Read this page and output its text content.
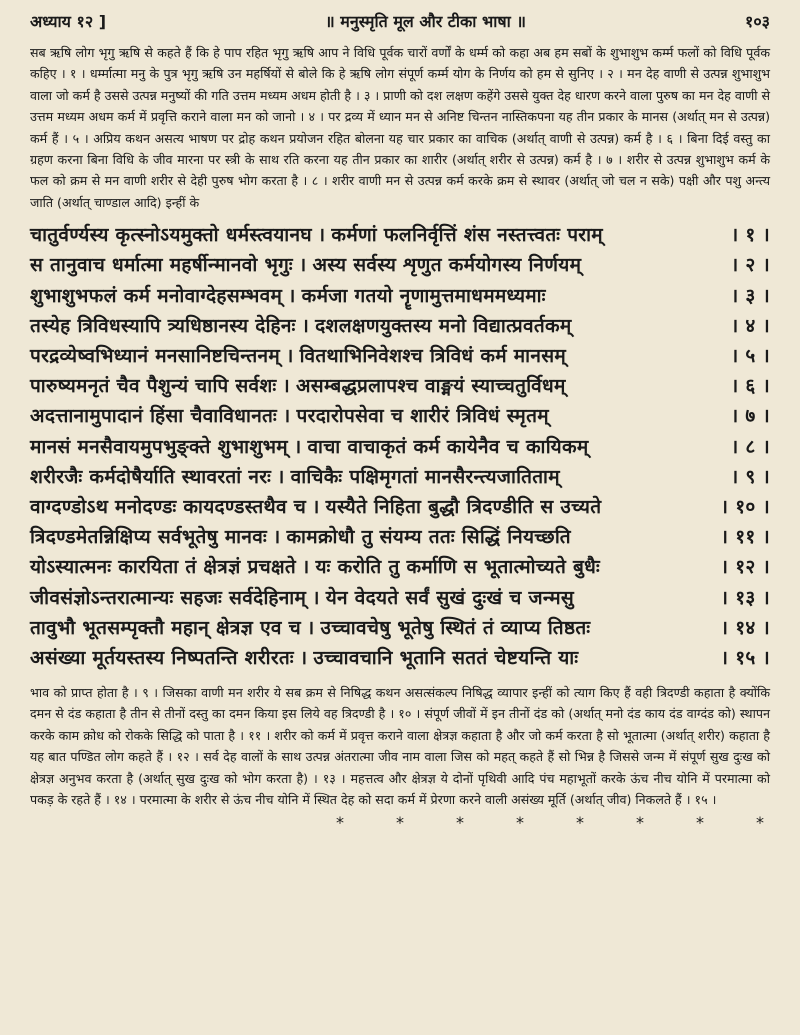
अध्याय १२ ]	॥ मनुस्मृति मूल और टीका भाषा ॥	१०३

सब ऋषि लोग भृगु ऋषि से कहते हैं कि हे पाप रहित भृगु ऋषि आप ने विधि पूर्वक चारों वर्णों के धर्म्म को कहा अब हम सबों के शुभाशुभ कर्म्म फलों को विधि पूर्वक कहिए । १ । धर्म्मात्मा मनु के पुत्र भृगु ऋषि उन महर्षियों से बोले कि हे ऋषि लोग संपूर्ण कर्म्म योग के निर्णय को हम से सुनिए । २ । मन देह वाणी से उत्पन्न शुभाशुभ वाला जो कर्म है उससे उत्पन्न मनुष्यों की गति उत्तम मध्यम अधम होती है । ३ । प्राणी को दश लक्षण कहेंगे उससे युक्त देह धारण करने वाला पुरुष का मन देह वाणी से उत्तम मध्यम अधम कर्म में प्रवृत्ति कराने वाला मन को जानो । ४ । पर द्रव्य में ध्यान मन से अनिष्ट चिन्तन नास्तिकपना यह तीन प्रकार के मानस (अर्थात् मन से उत्पन्न) कर्म हैं । ५ । अप्रिय कथन असत्य भाषण पर द्रोह कथन प्रयोजन रहित बोलना यह चार प्रकार का वाचिक (अर्थात् वाणी से उत्पन्न) कर्म है । ६ । बिना दिई वस्तु का ग्रहण करना बिना विधि के जीव मारना पर स्त्री के साथ रति करना यह तीन प्रकार का शारीर (अर्थात् शरीर से उत्पन्न) कर्म है । ७ । शरीर से उत्पन्न शुभाशुभ कर्म के फल को क्रम से मन वाणी शरीर से देही पुरुष भोग करता है । ८ । शरीर वाणी मन से उत्पन्न कर्म करके क्रम से स्थावर (अर्थात् जो चल न सके) पक्षी और पशु अन्त्य जाति (अर्थात् चाण्डाल आदि) इन्हीं के

चातुर्वर्ण्यस्य कृत्स्नोऽयमुक्तो धर्मस्त्वयानघ । कर्मणां फलनिर्वृत्तिं शंस नस्तत्त्वतः पराम्	। १ ।
स तानुवाच धर्मात्मा महर्षीन्मानवो भृगुः । अस्य सर्वस्य शृणुत कर्मयोगस्य निर्णयम्	। २ ।
शुभाशुभफलं कर्म मनोवाग्देहसम्भवम् । कर्मजा गतयो नॄणामुत्तमाधममध्यमाः	। ३ ।
तस्येह त्रिविधस्यापि त्र्यधिष्ठानस्य देहिनः । दशलक्षणयुक्तस्य मनो विद्यात्प्रवर्तकम्	। ४ ।
परद्रव्येष्वभिध्यानं मनसानिष्टचिन्तनम् । वितथाभिनिवेशश्च त्रिविधं कर्म मानसम्	। ५ ।
पारुष्यमनृतं चैव पैशुन्यं चापि सर्वशः । असम्बद्धप्रलापश्च वाङ्मयं स्याच्चतुर्विधम्	। ६ ।
अदत्तानामुपादानं हिंसा चैवाविधानतः । परदारोपसेवा च शारीरं त्रिविधं स्मृतम्	। ७ ।
मानसं मनसैवायमुपभुङ्क्ते शुभाशुभम् । वाचा वाचाकृतं कर्म कायेनैव च कायिकम्	। ८ ।
शरीरजैः कर्मदोषैर्याति स्थावरतां नरः । वाचिकैः पक्षिमृगतां मानसैरन्त्यजातिताम्	। ९ ।
वाग्दण्डोऽथ मनोदण्डः कायदण्डस्तथैव च । यस्यैते निहिता बुद्धौ त्रिदण्डीति स उच्यते	। १० ।
त्रिदण्डमेतन्निक्षिप्य सर्वभूतेषु मानवः । कामक्रोधौ तु संयम्य ततः सिद्धिं नियच्छति	। ११ ।
योऽस्यात्मनः कारयिता तं क्षेत्रज्ञं प्रचक्षते । यः करोति तु कर्माणि स भूतात्मोच्यते बुधैः	। १२ ।
जीवसंज्ञोऽन्तरात्मान्यः सहजः सर्वदेहिनाम् । येन वेदयते सर्वं सुखं दुःखं च जन्मसु	। १३ ।
तावुभौ भूतसम्पृक्तौ महान् क्षेत्रज्ञ एव च । उच्चावचेषु भूतेषु स्थितं तं व्याप्य तिष्ठतः	। १४ ।
असंख्या मूर्तयस्तस्य निष्पतन्ति शरीरतः । उच्चावचानि भूतानि सततं चेष्टयन्ति याः	। १५ ।

भाव को प्राप्त होता है । ९ । जिसका वाणी मन शरीर ये सब क्रम से निषिद्ध कथन असत्संकल्प निषिद्ध व्यापार इन्हीं को त्याग किए हैं वही त्रिदण्डी कहाता है क्योंकि दमन से दंड कहाता है तीन से तीनों दस्तु का दमन किया इस लिये वह त्रिदण्डी है । १० । संपूर्ण जीवों में इन तीनों दंड को (अर्थात् मनो दंड काय दंड वाग्दंड को) स्थापन करके काम क्रोध को रोकके सिद्धि को पाता है । ११ । शरीर को कर्म में प्रवृत्त कराने वाला क्षेत्रज्ञ कहाता है और जो कर्म करता है सो भूतात्मा (अर्थात् शरीर) कहाता है यह बात पण्डित लोग कहते हैं । १२ । सर्व देह वालों के साथ उत्पन्न अंतरात्मा जीव नाम वाला जिस को महत् कहते हैं सो भिन्न है जिससे जन्म में संपूर्ण सुख दुःख को क्षेत्रज्ञ अनुभव करता है (अर्थात् सुख दुःख को भोग करता है) । १३ । महत्तत्व और क्षेत्रज्ञ ये दोनों पृथिवी आदि पंच महाभूतों करके ऊंच नीच योनि में परमात्मा को पकड़ के रहते हैं । १४ । परमात्मा के शरीर से ऊंच नीच योनि में स्थित देह को सदा कर्म में प्रेरणा करने वाली असंख्य मूर्ति (अर्थात् जीव) निकलते हैं । १५ ।

*	*	*	*	*	*	*	*
